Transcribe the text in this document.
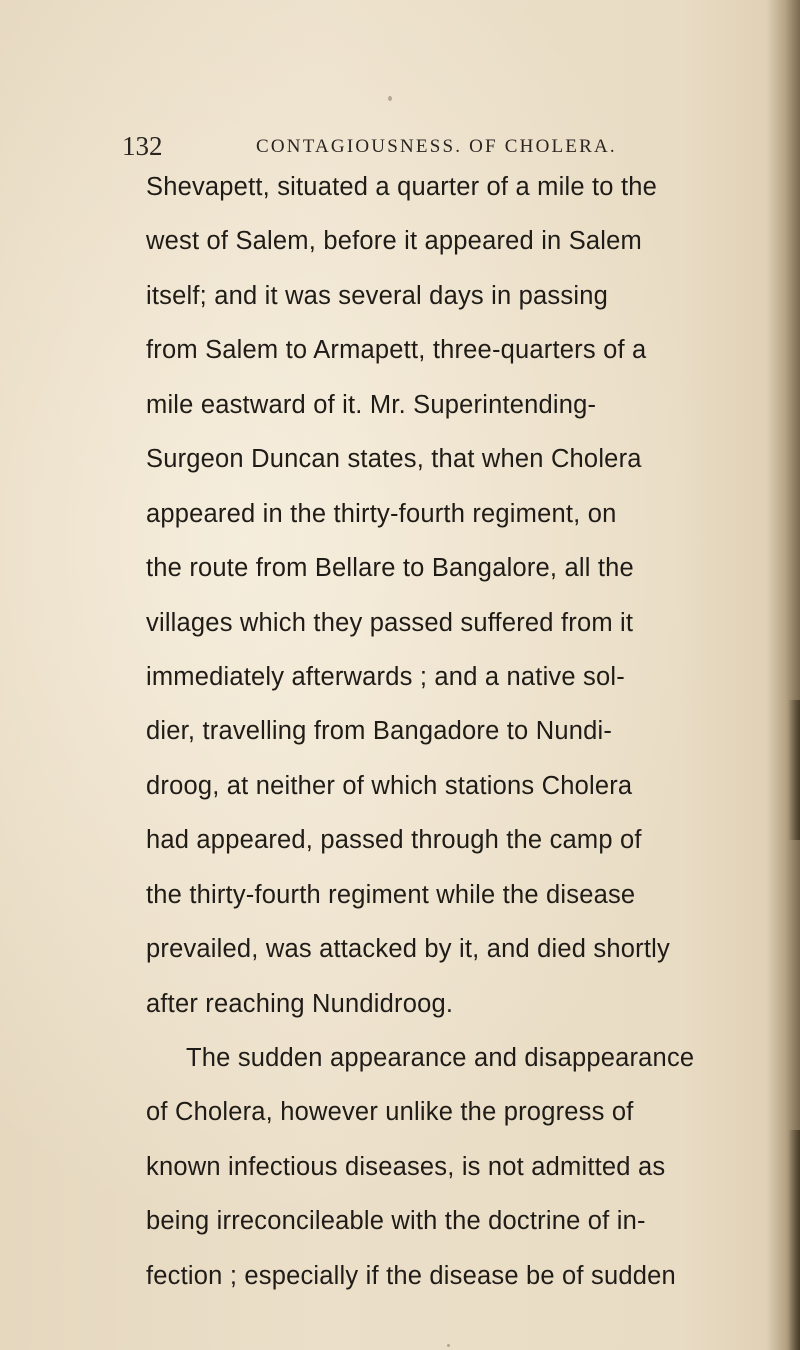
132	CONTAGIOUSNESS. OF CHOLERA.
Shevapett, situated a quarter of a mile to the
west of Salem, before it appeared in Salem
itself; and it was several days in passing
from Salem to Armapett, three-quarters of a
mile eastward of it. Mr. Superintending-
Surgeon Duncan states, that when Cholera
appeared in the thirty-fourth regiment, on
the route from Bellare to Bangalore, all the
villages which they passed suffered from it
immediately afterwards ; and a native sol-
dier, travelling from Bangadore to Nundi-
droog, at neither of which stations Cholera
had appeared, passed through the camp of
the thirty-fourth regiment while the disease
prevailed, was attacked by it, and died shortly
after reaching Nundidroog.
The sudden appearance and disappearance
of Cholera, however unlike the progress of
known infectious diseases, is not admitted as
being irreconcileable with the doctrine of in-
fection ; especially if the disease be of sudden
